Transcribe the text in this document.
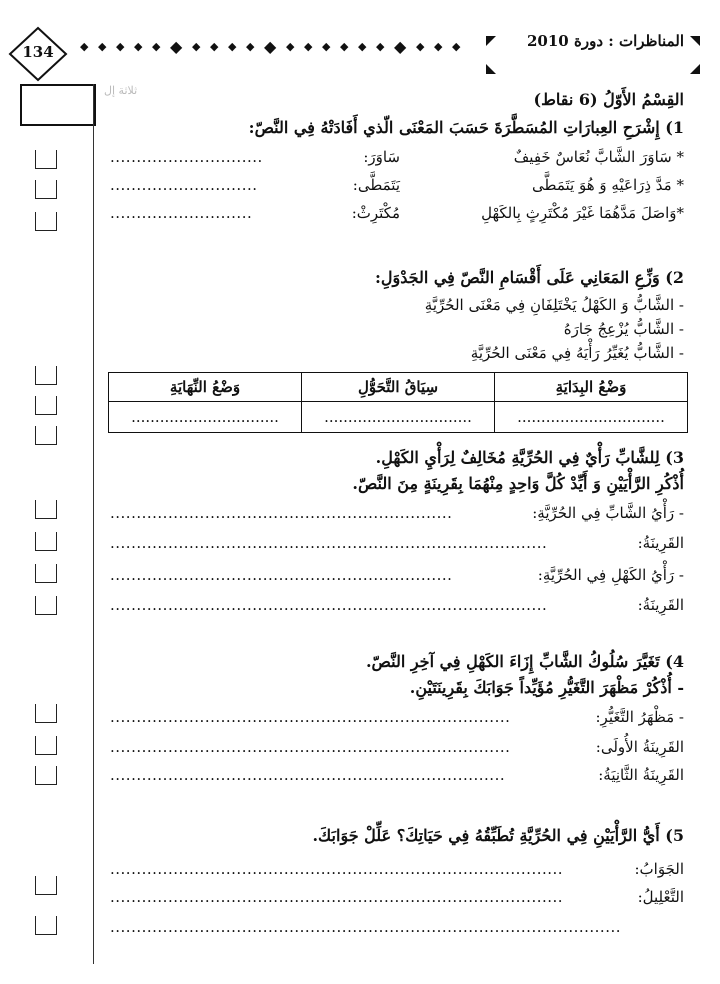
134	◆ ◆ ◆ ◆ ◆ ◆ ◆ ◆ ◆ ◆ ◆ ◆ ◆ ◆ ◆ ◆ ◆ ◆ ◆ ◆ ◆	المناظرات : دورة 2010
ثلاثة إل	القِسْمُ الأَوّلُ (6 نقاط)
1) إِشْرَحِ العِبارَاتِ المُسَطَّرَةَ حَسَبَ المَعْنَى الّذي أَفَادَتْهُ فِي النَّصّ:
* سَاوَرَ الشَّابَّ نُعَاسٌ خَفِيفٌ
سَاوَرَ:
.............................
* مَدَّ ذِرَاعَيْهِ وَ هُوَ يَتَمَطَّى
يَتَمَطَّى:
............................
*وَاصَلَ مَدَّهُمَا غَيْرَ مُكْتَرِثٍ بِالكَهْلِ
مُكْتَرِثْ:
...........................
2) وَزِّعِ المَعَانِي عَلَى أَقْسَامِ النَّصّ فِي الجَدْوَلِ:
- الشَّابُّ وَ الكَهْلُ يَخْتَلِفَانِ فِي مَعْنَى الحُرِّيَّةِ
- الشَّابُّ يُزْعِجُ جَارَهُ
- الشَّابُّ يُغَيِّرُ رَأْيَهُ فِي مَعْنَى الحُرِّيَّةِ
وَضْعُ البِدَايَةِ	سِيَاقُ التَّحَوُّلِ	وَضْعُ النِّهَايَةِ
...............................	...............................	...............................
3) لِلشَّابِّ رَأْيٌ فِي الحُرِّيَّةِ مُخَالِفٌ لِرَأْيِ الكَهْلِ.
أُذْكُرِ الرَّأْيَيْنِ وَ أَيِّدْ كُلَّ وَاحِدٍ مِنْهُمَا بِقَرِينَةٍ مِنَ النَّصّ.
- رَأْيُ الشَّابِّ فِي الحُرِّيَّةِ:
.................................................................
القَرِينَةُ:
...................................................................................
- رَأْيُ الكَهْلِ فِي الحُرِّيَّةِ:
.................................................................
القَرِينَةُ:
...................................................................................
4) تَغَيَّرَ سُلُوكُ الشَّابِّ إِزَاءَ الكَهْلِ فِي آخِرِ النَّصّ.
- أُذْكُرْ مَظْهَرَ التَّغَيُّرِ مُؤَيِّداً جَوَابَكَ بِقَرِينَتَيْنِ.
- مَظْهَرُ التَّغَيُّرِ:
............................................................................
القَرِينَةُ الأُولَى:
............................................................................
القَرِينَةُ الثَّانِيَةُ:
...........................................................................
5) أَيُّ الرَّأْيَيْنِ فِي الحُرِّيَّةِ تُطَبِّقُهُ فِي حَيَاتِكَ؟ عَلِّلْ جَوَابَكَ.
الجَوَابُ:
......................................................................................
التَّعْلِيلُ:
......................................................................................
.................................................................................................
